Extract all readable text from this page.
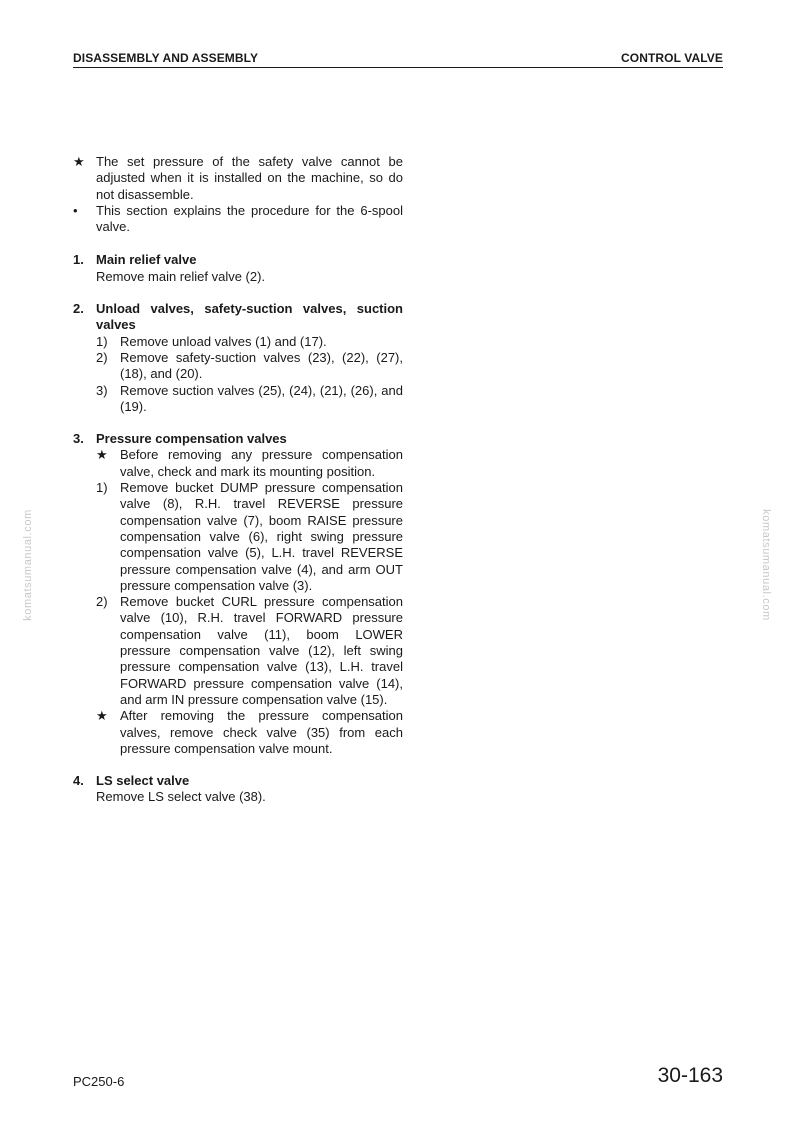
DISASSEMBLY AND ASSEMBLY	CONTROL VALVE
komatsumanual.com	komatsumanual.com
★ The set pressure of the safety valve cannot be adjusted when it is installed on the machine, so do not disassemble.
•	This section explains the procedure for the 6-spool valve.
1. Main relief valve
Remove main relief valve (2).
2. Unload valves, safety-suction valves, suction valves
1) Remove unload valves (1) and (17).
2) Remove safety-suction valves (23), (22), (27), (18), and (20).
3) Remove suction valves (25), (24), (21), (26), and (19).
3. Pressure compensation valves
★ Before removing any pressure compensation valve, check and mark its mounting position.
1) Remove bucket DUMP pressure compensation valve (8), R.H. travel REVERSE pressure compensation valve (7), boom RAISE pressure compensation valve (6), right swing pressure compensation valve (5), L.H. travel REVERSE pressure compensation valve (4), and arm OUT pressure compensation valve (3).
2) Remove bucket CURL pressure compensation valve (10), R.H. travel FORWARD pressure compensation valve (11), boom LOWER pressure compensation valve (12), left swing pressure compensation valve (13), L.H. travel FORWARD pressure compensation valve (14), and arm IN pressure compensation valve (15).
★ After removing the pressure compensation valves, remove check valve (35) from each pressure compensation valve mount.
4. LS select valve
Remove LS select valve (38).
PC250-6	30-163
